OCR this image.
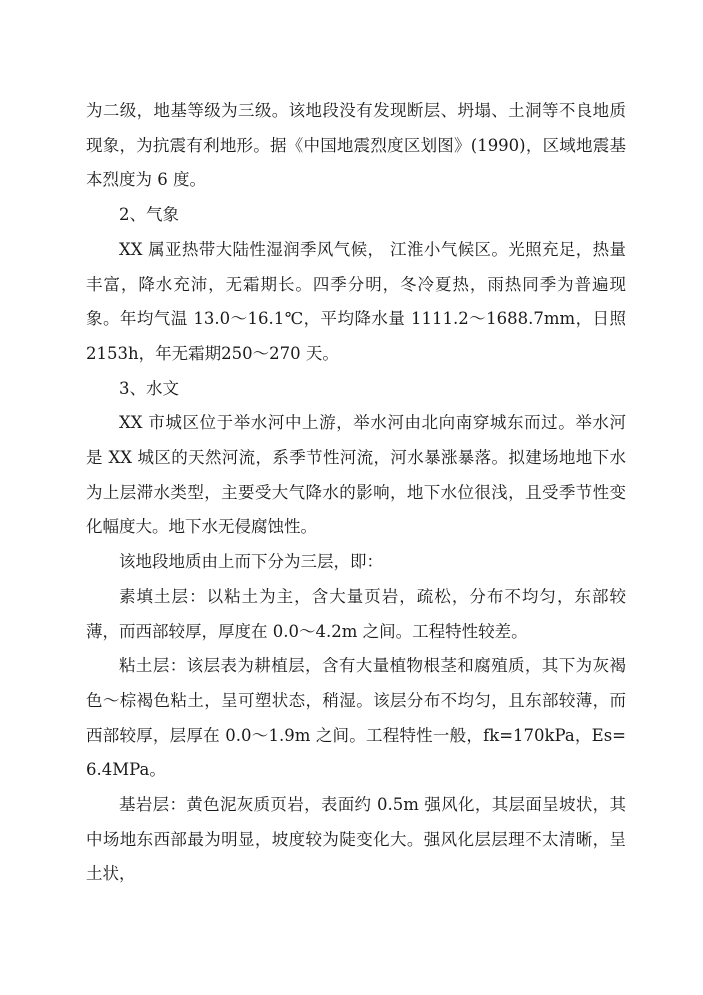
为二级，地基等级为三级。该地段没有发现断层、坍塌、土洞等不良地质现象，为抗震有利地形。据《中国地震烈度区划图》(1990)，区域地震基本烈度为 6 度。

2、气象

XX 属亚热带大陆性湿润季风气候， 江淮小气候区。光照充足，热量丰富，降水充沛，无霜期长。四季分明，冬冷夏热，雨热同季为普遍现象。年均气温 13.0～16.1℃，平均降水量 1111.2～1688.7mm，日照 2153h，年无霜期250～270 天。

3、水文

XX 市城区位于举水河中上游，举水河由北向南穿城东而过。举水河是 XX 城区的天然河流，系季节性河流，河水暴涨暴落。拟建场地地下水为上层滞水类型，主要受大气降水的影响，地下水位很浅，且受季节性变化幅度大。地下水无侵腐蚀性。

该地段地质由上而下分为三层，即：

素填土层：以粘土为主，含大量页岩，疏松，分布不均匀，东部较薄，而西部较厚，厚度在 0.0～4.2m 之间。工程特性较差。

粘土层：该层表为耕植层，含有大量植物根茎和腐殖质，其下为灰褐色～棕褐色粘土，呈可塑状态，稍湿。该层分布不均匀，且东部较薄，而西部较厚，层厚在 0.0～1.9m 之间。工程特性一般，fk=170kPa，Es=6.4MPa。

基岩层：黄色泥灰质页岩，表面约 0.5m 强风化，其层面呈坡状，其中场地东西部最为明显，坡度较为陡变化大。强风化层层理不太清晰，呈土状，
